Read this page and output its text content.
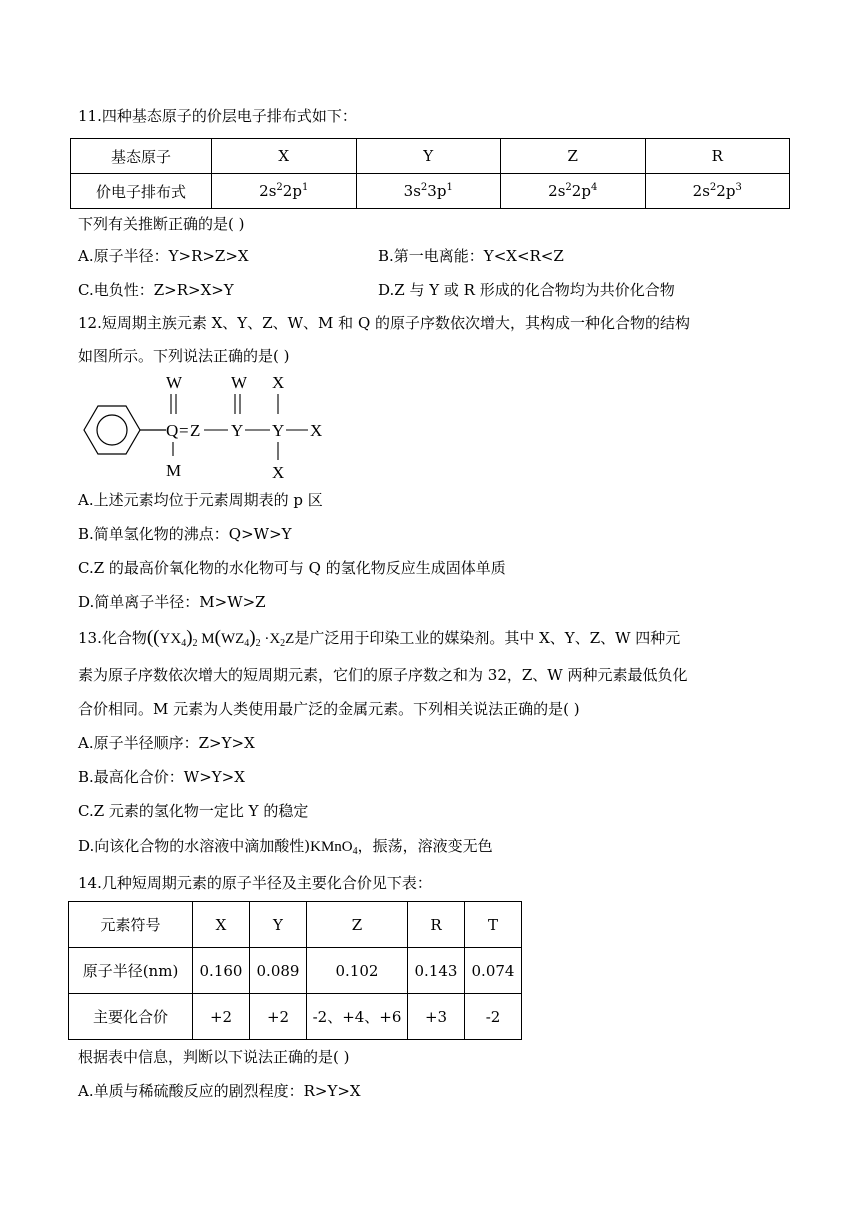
11.四种基态原子的价层电子排布式如下：
基态原子	X	Y	Z	R
价电子排布式	$2s^22p^1$	$3s^23p^1$	$2s^22p^4$	$2s^22p^3$
下列有关推断正确的是( )
A.原子半径：Y>R>Z>X	B.第一电离能：Y<X<R<Z
C.电负性：Z>R>X>Y	D.Z 与 Y 或 R 形成的化合物均为共价化合物
12.短周期主族元素 X、Y、Z、W、M 和 Q 的原子序数依次增大，其构成一种化合物的结构
如图所示。下列说法正确的是( )
W
Q =
M
Z
W
Y
X
Y X
X
A.上述元素均位于元素周期表的 p 区
B.简单氢化物的沸点：Q>W>Y
C.Z 的最高价氧化物的水化物可与 Q 的氢化物反应生成固体单质
D.简单离子半径：M>W>Z
13.化合物($(YX_4)_2$ $M(WZ_4)_2 \cdot X_2Z$是广泛用于印染工业的媒染剂。其中 X、Y、Z、W 四种元
素为原子序数依次增大的短周期元素，它们的原子序数之和为 32，Z、W 两种元素最低负化
合价相同。M 元素为人类使用最广泛的金属元素。下列相关说法正确的是( )
A.原子半径顺序：Z>Y>X
B.最高化合价：W>Y>X
C.Z 元素的氢化物一定比 Y 的稳定
D.向该化合物的水溶液中滴加酸性)KMnO$_4$，振荡，溶液变无色
14.几种短周期元素的原子半径及主要化合价见下表：
元素符号	X	Y	Z	R	T
原子半径(nm)	0.160	0.089	0.102	0.143	0.074
主要化合价	+2	+2	-2、+4、+6	+3	-2
根据表中信息，判断以下说法正确的是( )
A.单质与稀硫酸反应的剧烈程度：R>Y>X
